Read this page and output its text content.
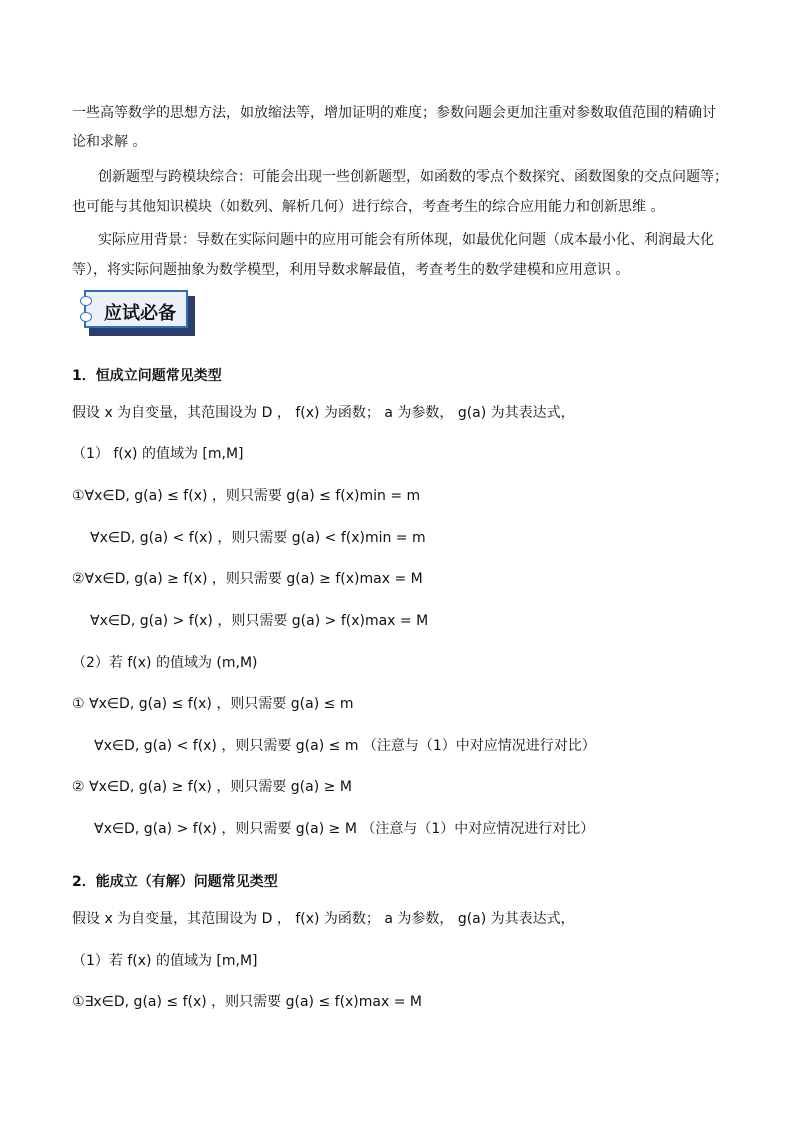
一些高等数学的思想方法，如放缩法等，增加证明的难度；参数问题会更加注重对参数取值范围的精确讨
论和求解 。
创新题型与跨模块综合：可能会出现一些创新题型，如函数的零点个数探究、函数图象的交点问题等；
也可能与其他知识模块（如数列、解析几何）进行综合，考查考生的综合应用能力和创新思维 。
实际应用背景：导数在实际问题中的应用可能会有所体现，如最优化问题（成本最小化、利润最大化
等），将实际问题抽象为数学模型，利用导数求解最值，考查考生的数学建模和应用意识 。
应试必备
1．恒成立问题常见类型
假设 x 为自变量，其范围设为 D ， f(x) 为函数； a 为参数， g(a) 为其表达式，
（1） f(x) 的值域为 [m,M]
①∀x∈D, g(a) ≤ f(x) ，则只需要 g(a) ≤ f(x)min = m
∀x∈D, g(a) < f(x) ，则只需要 g(a) < f(x)min = m
②∀x∈D, g(a) ≥ f(x) ，则只需要 g(a) ≥ f(x)max = M
∀x∈D, g(a) > f(x) ，则只需要 g(a) > f(x)max = M
（2）若 f(x) 的值域为 (m,M)
① ∀x∈D, g(a) ≤ f(x) ，则只需要 g(a) ≤ m
∀x∈D, g(a) < f(x) ，则只需要 g(a) ≤ m （注意与（1）中对应情况进行对比）
② ∀x∈D, g(a) ≥ f(x) ，则只需要 g(a) ≥ M
∀x∈D, g(a) > f(x) ，则只需要 g(a) ≥ M （注意与（1）中对应情况进行对比）
2．能成立（有解）问题常见类型
假设 x 为自变量，其范围设为 D ， f(x) 为函数； a 为参数， g(a) 为其表达式，
（1）若 f(x) 的值域为 [m,M]
①∃x∈D, g(a) ≤ f(x) ，则只需要 g(a) ≤ f(x)max = M
